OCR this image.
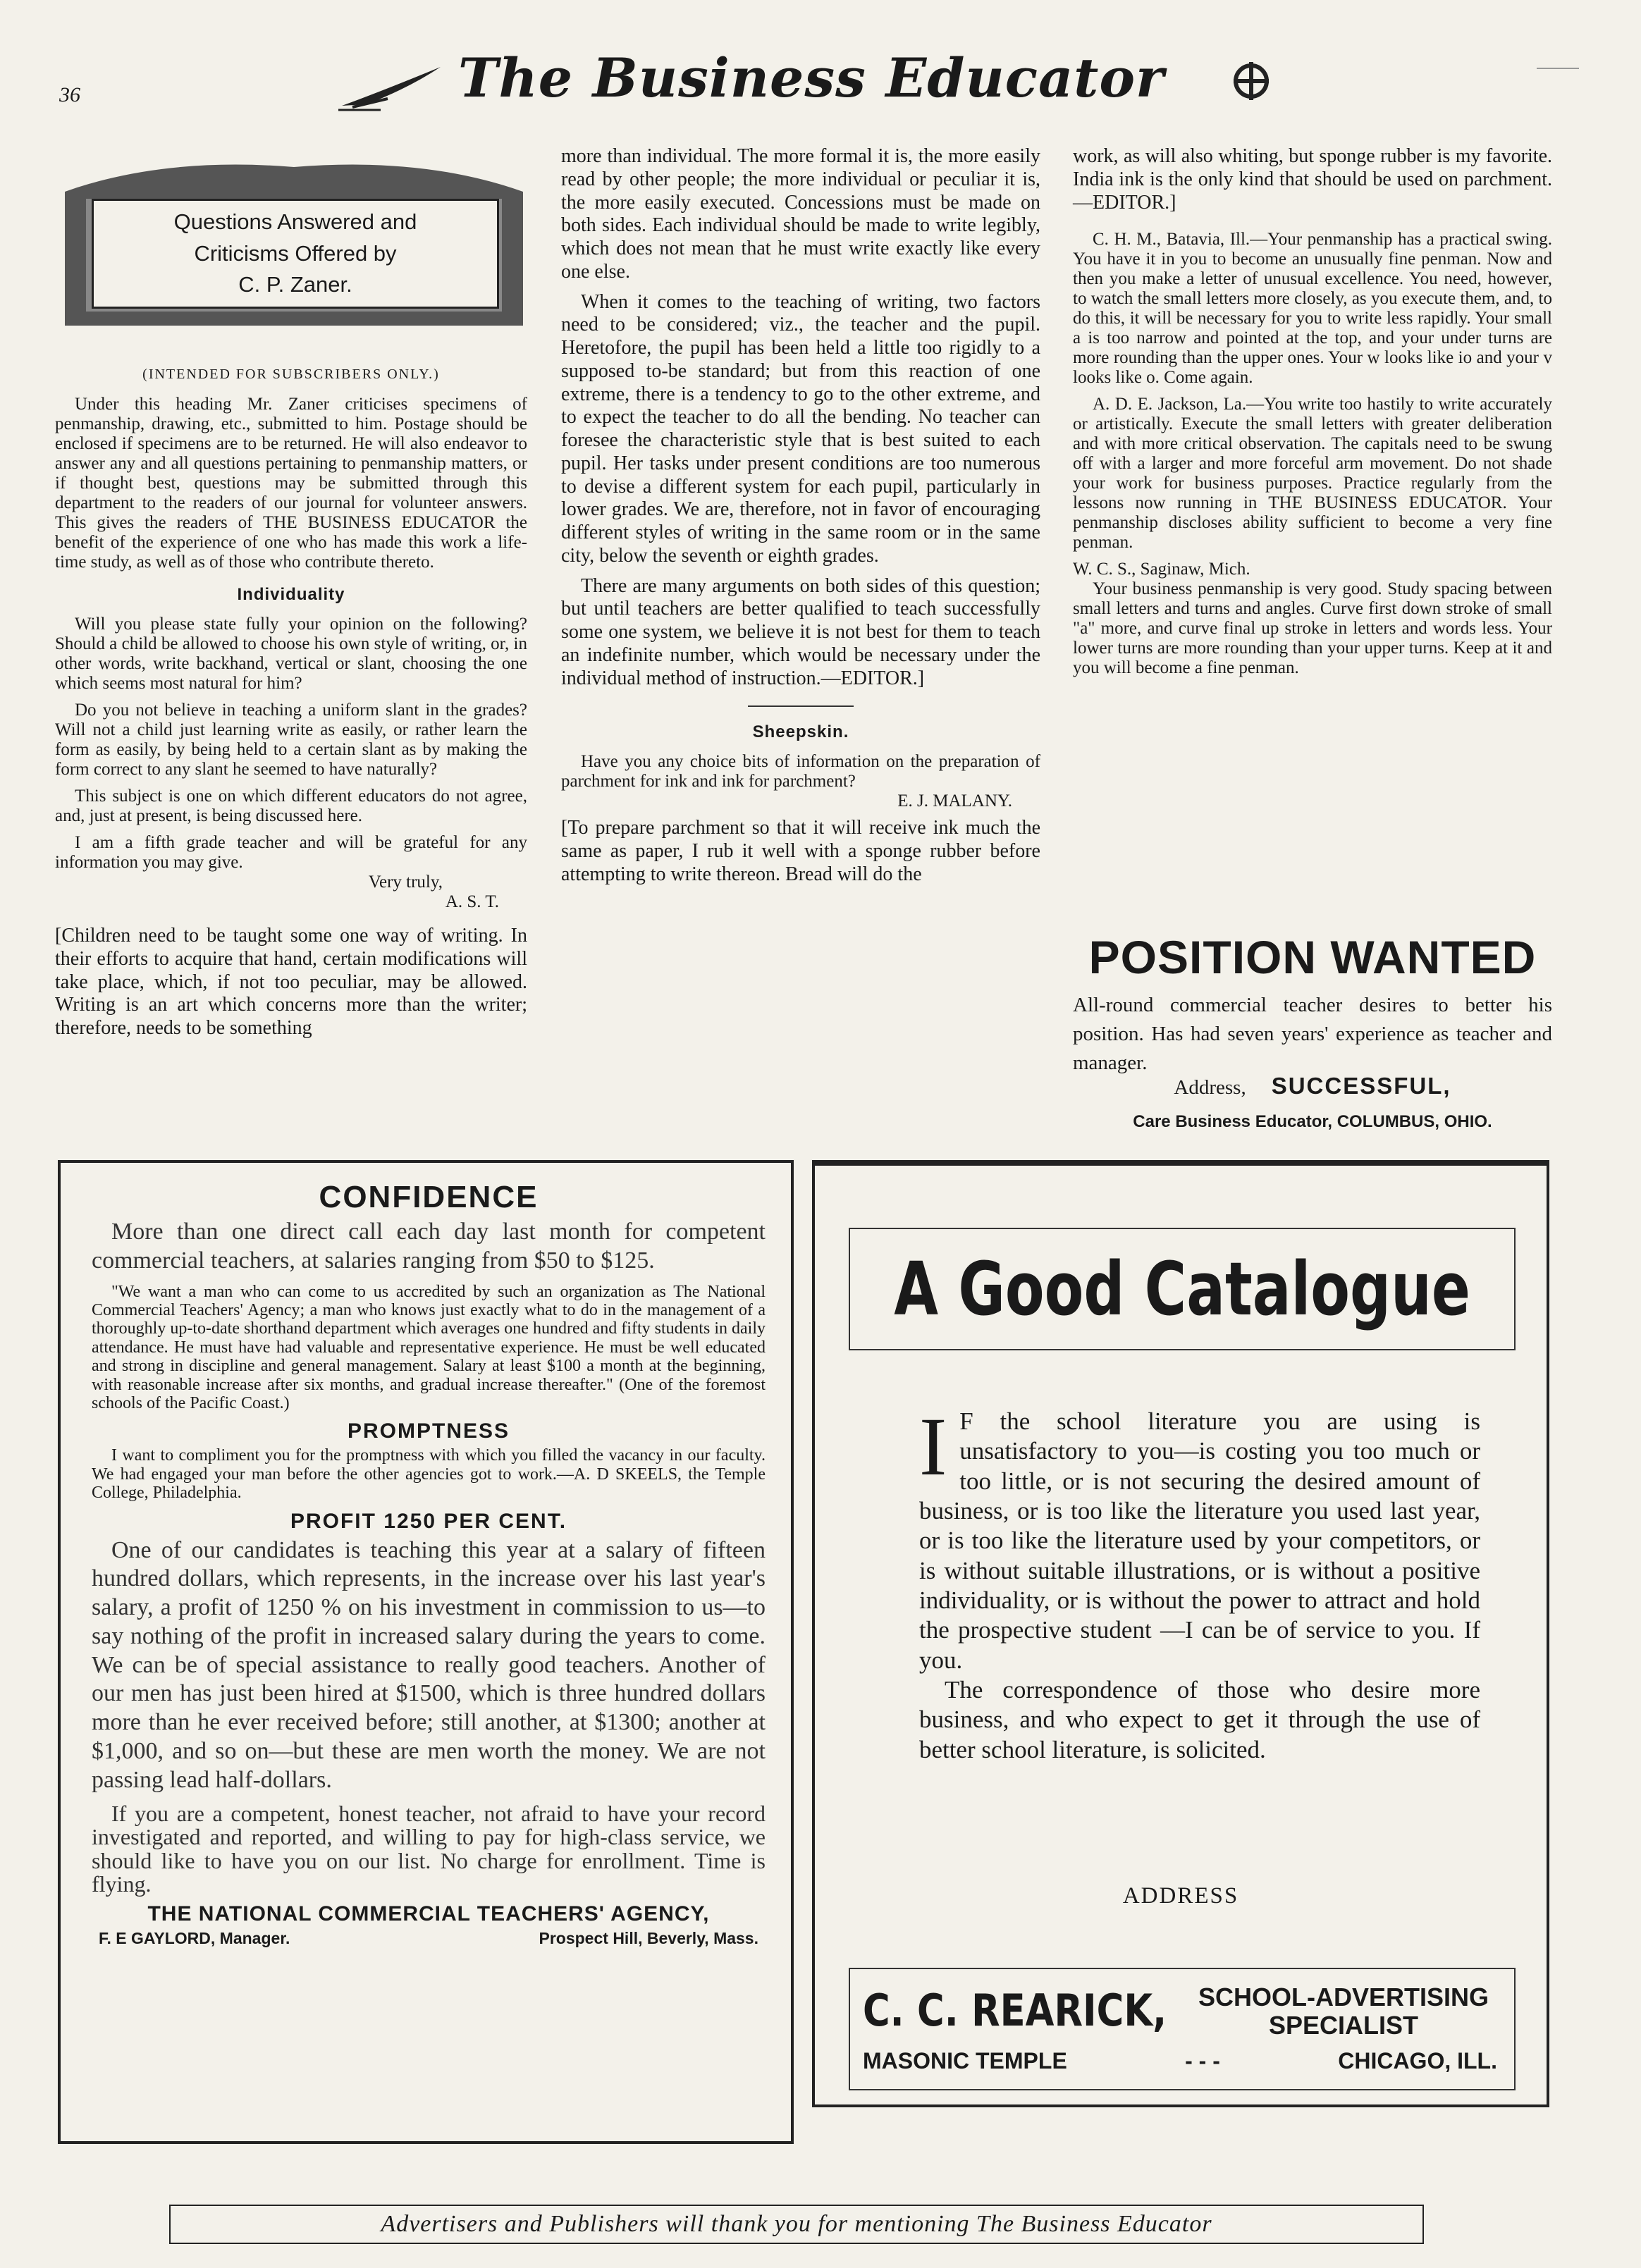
36	The Business Educator
Questions Answered and
Criticisms Offered by
C. P. Zaner.
(INTENDED FOR SUBSCRIBERS ONLY.)

Under this heading Mr. Zaner criticises specimens of penmanship, drawing, etc., submitted to him. Postage should be enclosed if specimens are to be returned. He will also endeavor to answer any and all questions pertaining to penmanship matters, or if thought best, questions may be submitted through this department to the readers of our journal for volunteer answers. This gives the readers of THE BUSINESS EDUCATOR the benefit of the experience of one who has made this work a life-time study, as well as of those who contribute thereto.

Individuality

Will you please state fully your opinion on the following? Should a child be allowed to choose his own style of writing, or, in other words, write backhand, vertical or slant, choosing the one which seems most natural for him?

Do you not believe in teaching a uniform slant in the grades? Will not a child just learning write as easily, or rather learn the form as easily, by being held to a certain slant as by making the form correct to any slant he seemed to have naturally?

This subject is one on which different educators do not agree, and, just at present, is being discussed here.

I am a fifth grade teacher and will be grateful for any information you may give.

Very truly,
A. S. T.

[Children need to be taught some one way of writing. In their efforts to acquire that hand, certain modifications will take place, which, if not too peculiar, may be allowed. Writing is an art which concerns more than the writer; therefore, needs to be something

more than individual. The more formal it is, the more easily read by other people; the more individual or peculiar it is, the more easily executed. Concessions must be made on both sides. Each individual should be made to write legibly, which does not mean that he must write exactly like every one else.

When it comes to the teaching of writing, two factors need to be considered; viz., the teacher and the pupil. Heretofore, the pupil has been held a little too rigidly to a supposed to-be standard; but from this reaction of one extreme, there is a tendency to go to the other extreme, and to expect the teacher to do all the bending. No teacher can foresee the characteristic style that is best suited to each pupil. Her tasks under present conditions are too numerous to devise a different system for each pupil, particularly in lower grades. We are, therefore, not in favor of encouraging different styles of writing in the same room or in the same city, below the seventh or eighth grades.

There are many arguments on both sides of this question; but until teachers are better qualified to teach successfully some one system, we believe it is not best for them to teach an indefinite number, which would be necessary under the individual method of instruction.—EDITOR.]

Sheepskin.

Have you any choice bits of information on the preparation of parchment for ink and ink for parchment?

E. J. MALANY.

[To prepare parchment so that it will receive ink much the same as paper, I rub it well with a sponge rubber before attempting to write thereon. Bread will do the

work, as will also whiting, but sponge rubber is my favorite. India ink is the only kind that should be used on parchment.—EDITOR.]

C. H. M., Batavia, Ill.—Your penmanship has a practical swing. You have it in you to become an unusually fine penman. Now and then you make a letter of unusual excellence. You need, however, to watch the small letters more closely, as you execute them, and, to do this, it will be necessary for you to write less rapidly. Your small a is too narrow and pointed at the top, and your under turns are more rounding than the upper ones. Your w looks like io and your v looks like o. Come again.

A. D. E. Jackson, La.—You write too hastily to write accurately or artistically. Execute the small letters with greater deliberation and with more critical observation. The capitals need to be swung off with a larger and more forceful arm movement. Do not shade your work for business purposes. Practice regularly from the lessons now running in THE BUSINESS EDUCATOR. Your penmanship discloses ability sufficient to become a very fine penman.

W. C. S., Saginaw, Mich.

Your business penmanship is very good. Study spacing between small letters and turns and angles. Curve first down stroke of small "a" more, and curve final up stroke in letters and words less. Your lower turns are more rounding than your upper turns. Keep at it and you will become a fine penman.

POSITION WANTED
All-round commercial teacher desires to better his position. Has had seven years' experience as teacher and manager.
Address, SUCCESSFUL,
Care Business Educator, COLUMBUS, OHIO.
CONFIDENCE

More than one direct call each day last month for competent commercial teachers, at salaries ranging from $50 to $125.

"We want a man who can come to us accredited by such an organization as The National Commercial Teachers' Agency; a man who knows just exactly what to do in the management of a thoroughly up-to-date shorthand department which averages one hundred and fifty students in daily attendance. He must have had valuable and representative experience. He must be well educated and strong in discipline and general management. Salary at least $100 a month at the beginning, with reasonable increase after six months, and gradual increase thereafter." (One of the foremost schools of the Pacific Coast.)

PROMPTNESS

I want to compliment you for the promptness with which you filled the vacancy in our faculty. We had engaged your man before the other agencies got to work.—A. D SKEELS, the Temple College, Philadelphia.

PROFIT 1250 PER CENT.

One of our candidates is teaching this year at a salary of fifteen hundred dollars, which represents, in the increase over his last year's salary, a profit of 1250 % on his investment in commission to us—to say nothing of the profit in increased salary during the years to come. We can be of special assistance to really good teachers. Another of our men has just been hired at $1500, which is three hundred dollars more than he ever received before; still another, at $1300; another at $1,000, and so on—but these are men worth the money. We are not passing lead half-dollars.

If you are a competent, honest teacher, not afraid to have your record investigated and reported, and willing to pay for high-class service, we should like to have you on our list. No charge for enrollment. Time is flying.

THE NATIONAL COMMERCIAL TEACHERS' AGENCY,
F. E GAYLORD, Manager.	Prospect Hill, Beverly, Mass.
A Good Catalogue

I F the school literature you are using is unsatisfactory to you—is costing you too much or too little, or is not securing the desired amount of business, or is too like the literature you used last year, or is too like the literature used by your competitors, or is without suitable illustrations, or is without a positive individuality, or is without the power to attract and hold the prospective student —I can be of service to you. If you.

The correspondence of those who desire more business, and who expect to get it through the use of better school literature, is solicited.

ADDRESS
C. C. REARICK,	SCHOOL-ADVERTISING SPECIALIST
MASONIC TEMPLE	- - -	CHICAGO, ILL.
Advertisers and Publishers will thank you for mentioning The Business Educator
